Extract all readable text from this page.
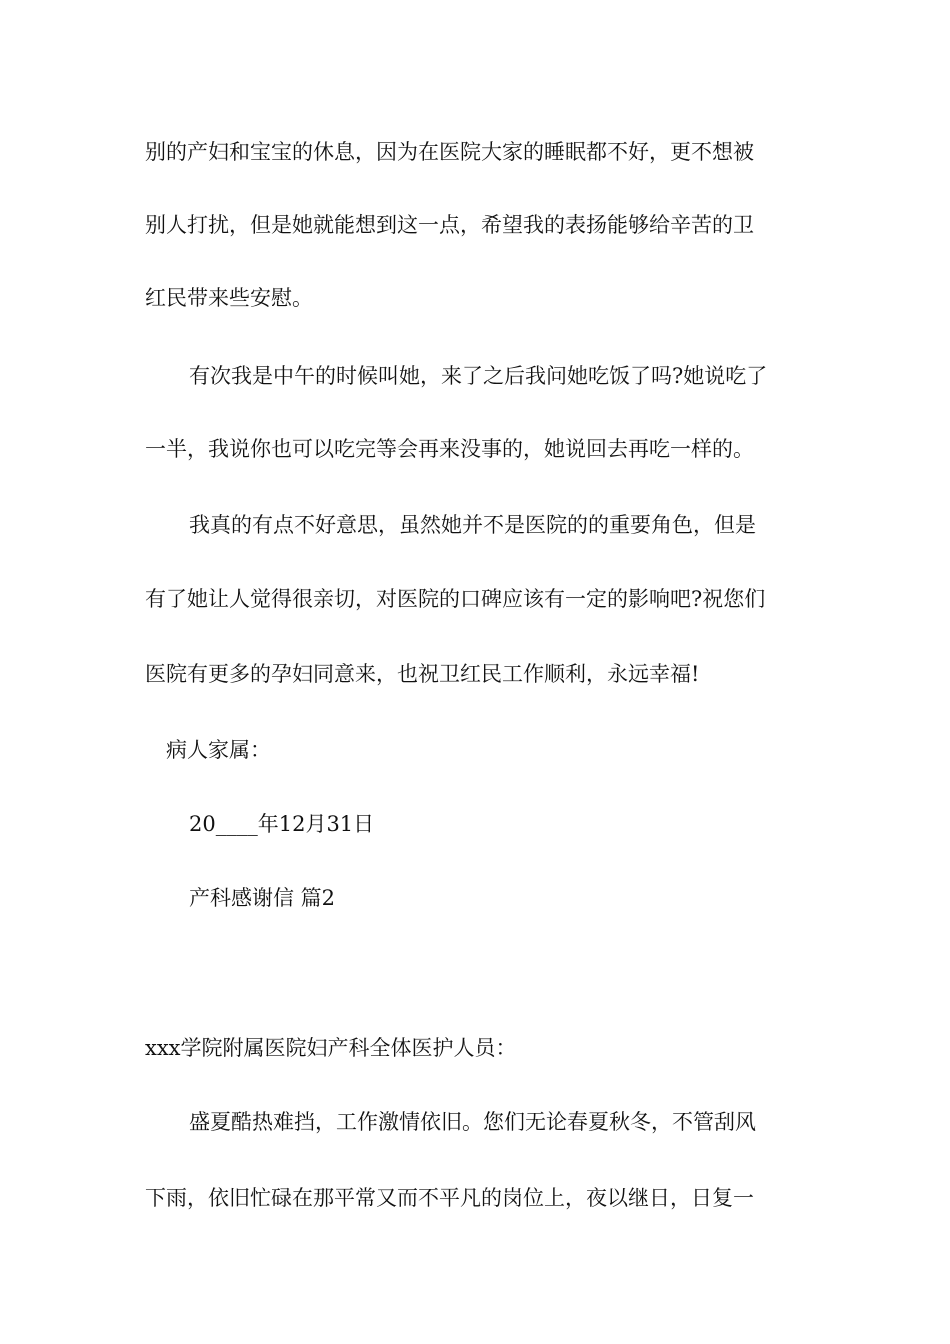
别的产妇和宝宝的休息，因为在医院大家的睡眠都不好，更不想被
别人打扰，但是她就能想到这一点，希望我的表扬能够给辛苦的卫
红民带来些安慰。
有次我是中午的时候叫她，来了之后我问她吃饭了吗?她说吃了
一半，我说你也可以吃完等会再来没事的，她说回去再吃一样的。
我真的有点不好意思，虽然她并不是医院的的重要角色，但是
有了她让人觉得很亲切，对医院的口碑应该有一定的影响吧?祝您们
医院有更多的孕妇同意来，也祝卫红民工作顺利，永远幸福!
病人家属：
20____年12月31日
产科感谢信 篇2
xxx学院附属医院妇产科全体医护人员：
盛夏酷热难挡，工作激情依旧。您们无论春夏秋冬，不管刮风
下雨，依旧忙碌在那平常又而不平凡的岗位上，夜以继日，日复一
